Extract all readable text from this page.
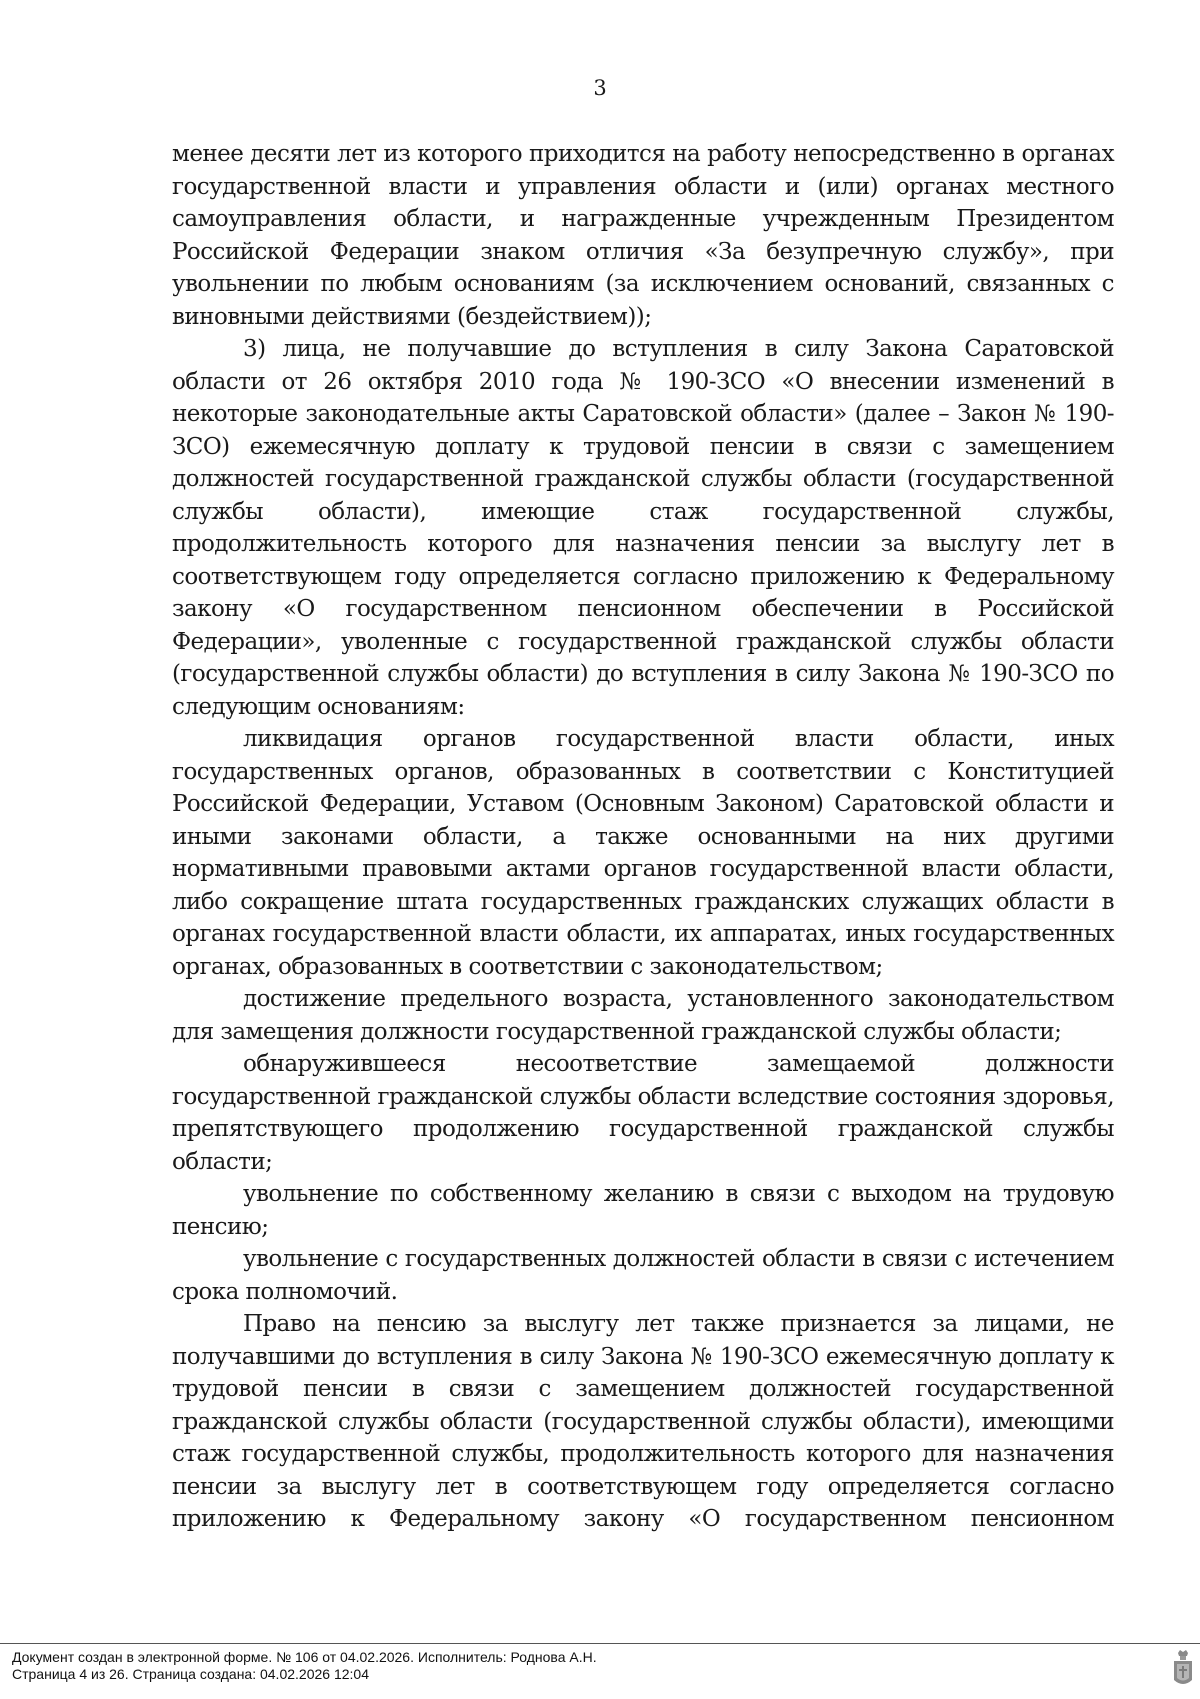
3

менее десяти лет из которого приходится на работу непосредственно в органах государственной власти и управления области и (или) органах местного самоуправления области, и награжденные учрежденным Президентом Российской Федерации знаком отличия «За безупречную службу», при увольнении по любым основаниям (за исключением оснований, связанных с виновными действиями (бездействием));

3) лица, не получавшие до вступления в силу Закона Саратовской области от 26 октября 2010 года № 190-ЗСО «О внесении изменений в некоторые законодательные акты Саратовской области» (далее – Закон № 190-ЗСО) ежемесячную доплату к трудовой пенсии в связи с замещением должностей государственной гражданской службы области (государственной службы области), имеющие стаж государственной службы, продолжительность которого для назначения пенсии за выслугу лет в соответствующем году определяется согласно приложению к Федеральному закону «О государственном пенсионном обеспечении в Российской Федерации», уволенные с государственной гражданской службы области (государственной службы области) до вступления в силу Закона № 190-ЗСО по следующим основаниям:

ликвидация органов государственной власти области, иных государственных органов, образованных в соответствии с Конституцией Российской Федерации, Уставом (Основным Законом) Саратовской области и иными законами области, а также основанными на них другими нормативными правовыми актами органов государственной власти области, либо сокращение штата государственных гражданских служащих области в органах государственной власти области, их аппаратах, иных государственных органах, образованных в соответствии с законодательством;

достижение предельного возраста, установленного законодательством для замещения должности государственной гражданской службы области;

обнаружившееся несоответствие замещаемой должности государственной гражданской службы области вследствие состояния здоровья, препятствующего продолжению государственной гражданской службы области;

увольнение по собственному желанию в связи с выходом на трудовую пенсию;

увольнение с государственных должностей области в связи с истечением срока полномочий.

Право на пенсию за выслугу лет также признается за лицами, не получавшими до вступления в силу Закона № 190-ЗСО ежемесячную доплату к трудовой пенсии в связи с замещением должностей государственной гражданской службы области (государственной службы области), имеющими стаж государственной службы, продолжительность которого для назначения пенсии за выслугу лет в соответствующем году определяется согласно приложению к Федеральному закону «О государственном пенсионном

Документ создан в электронной форме. № 106 от 04.02.2026. Исполнитель: Роднова А.Н.
Страница 4 из 26. Страница создана: 04.02.2026 12:04
